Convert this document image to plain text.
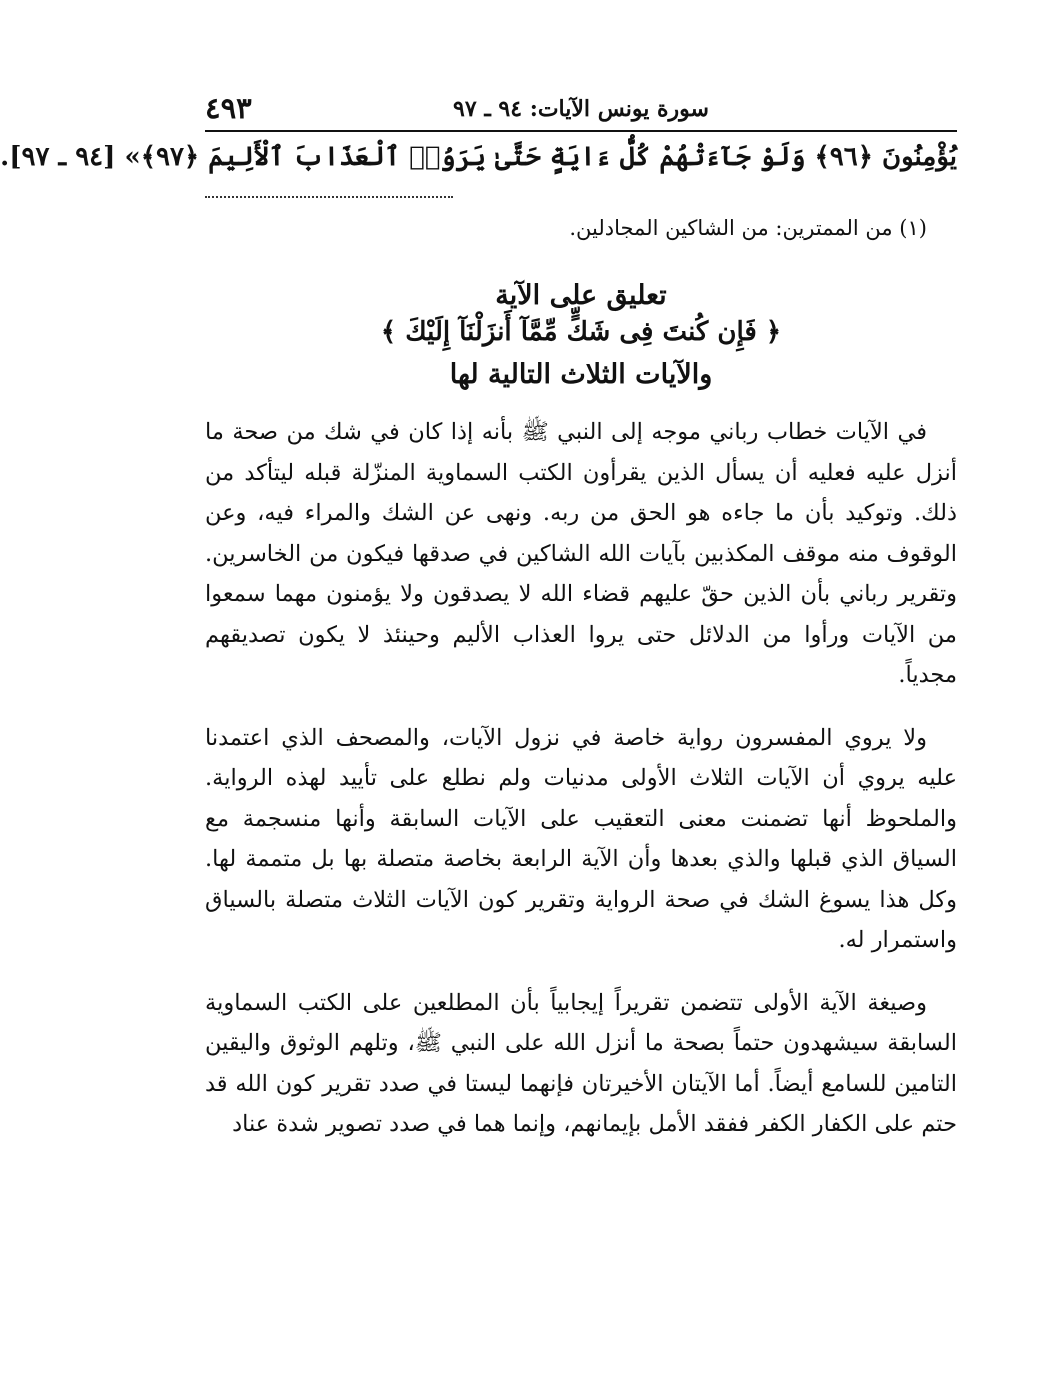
سورة يونس الآيات: ٩٤ ـ ٩٧
٤٩٣
يُؤْمِنُونَ ﴿٩٦﴾ وَلَوْ جَآءَتْهُمْ كُلُّ ءَايَةٍ حَتَّىٰ يَرَوُا۟ ٱلْعَذَابَ ٱلْأَلِيمَ ﴿٩٧﴾» [٩٤ ـ ٩٧].
(١) من الممترين: من الشاكين المجادلين.
تعليق على الآية
﴿ فَإِن كُنتَ فِى شَكٍّ مِّمَّآ أَنزَلْنَآ إِلَيْكَ ﴾
والآيات الثلاث التالية لها

في الآيات خطاب رباني موجه إلى النبي ﷺ بأنه إذا كان في شك من صحة ما أنزل عليه فعليه أن يسأل الذين يقرأون الكتب السماوية المنزّلة قبله ليتأكد من ذلك. وتوكيد بأن ما جاءه هو الحق من ربه. ونهى عن الشك والمراء فيه، وعن الوقوف منه موقف المكذبين بآيات الله الشاكين في صدقها فيكون من الخاسرين. وتقرير رباني بأن الذين حقّ عليهم قضاء الله لا يصدقون ولا يؤمنون مهما سمعوا من الآيات ورأوا من الدلائل حتى يروا العذاب الأليم وحينئذ لا يكون تصديقهم مجدياً.

ولا يروي المفسرون رواية خاصة في نزول الآيات، والمصحف الذي اعتمدنا عليه يروي أن الآيات الثلاث الأولى مدنيات ولم نطلع على تأييد لهذه الرواية. والملحوظ أنها تضمنت معنى التعقيب على الآيات السابقة وأنها منسجمة مع السياق الذي قبلها والذي بعدها وأن الآية الرابعة بخاصة متصلة بها بل متممة لها. وكل هذا يسوغ الشك في صحة الرواية وتقرير كون الآيات الثلاث متصلة بالسياق واستمرار له.

وصيغة الآية الأولى تتضمن تقريراً إيجابياً بأن المطلعين على الكتب السماوية السابقة سيشهدون حتماً بصحة ما أنزل الله على النبي ﷺ، وتلهم الوثوق واليقين التامين للسامع أيضاً. أما الآيتان الأخيرتان فإنهما ليستا في صدد تقرير كون الله قد حتم على الكفار الكفر ففقد الأمل بإيمانهم، وإنما هما في صدد تصوير شدة عناد
